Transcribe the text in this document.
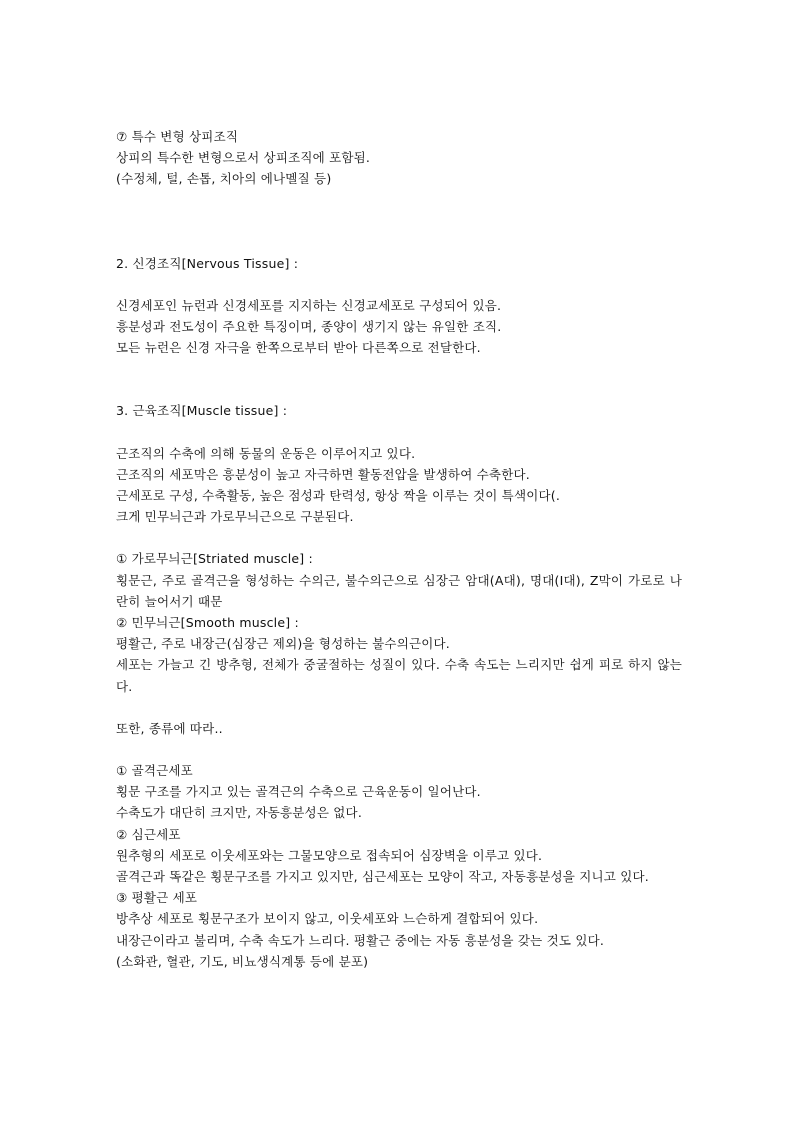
⑦ 특수 변형 상피조직
상피의 특수한 변형으로서 상피조직에 포함됨.
(수정체, 털, 손톱, 치아의 에나멜질 등)
2. 신경조직[Nervous Tissue] :
신경세포인 뉴런과 신경세포를 지지하는 신경교세포로 구성되어 있음.
흥분성과 전도성이 주요한 특징이며, 종양이 생기지 않는 유일한 조직.
모든 뉴런은 신경 자극을 한쪽으로부터 받아 다른쪽으로 전달한다.
3. 근육조직[Muscle tissue] :
근조직의 수축에 의해 동물의 운동은 이루어지고 있다.
근조직의 세포막은 흥분성이 높고 자극하면 활동전압을 발생하여 수축한다.
근세포로 구성, 수축활동, 높은 점성과 탄력성, 항상 짝을 이루는 것이 특색이다(.
크게 민무늬근과 가로무늬근으로 구분된다.
① 가로무늬근[Striated muscle] :
횡문근, 주로 골격근을 형성하는 수의근, 불수의근으로 심장근 암대(A대), 명대(I대), Z막이 가로로 나란히 늘어서기 때문
② 민무늬근[Smooth muscle] :
평활근, 주로 내장근(심장근 제외)을 형성하는 불수의근이다.
세포는 가늘고 긴 방추형, 전체가 중굴절하는 성질이 있다. 수축 속도는 느리지만 쉽게 피로 하지 않는다.
또한, 종류에 따라..
① 골격근세포
횡문 구조를 가지고 있는 골격근의 수축으로 근육운동이 일어난다.
수축도가 대단히 크지만, 자동흥분성은 없다.
② 심근세포
원추형의 세포로 이웃세포와는 그물모양으로 접속되어 심장벽을 이루고 있다.
골격근과 똑같은 횡문구조를 가지고 있지만, 심근세포는 모양이 작고, 자동흥분성을 지니고 있다.
③ 평활근 세포
방추상 세포로 횡문구조가 보이지 않고, 이웃세포와 느슨하게 결합되어 있다.
내장근이라고 불리며, 수축 속도가 느리다. 평활근 중에는 자동 흥분성을 갖는 것도 있다.
(소화관, 혈관, 기도, 비뇨생식계통 등에 분포)
